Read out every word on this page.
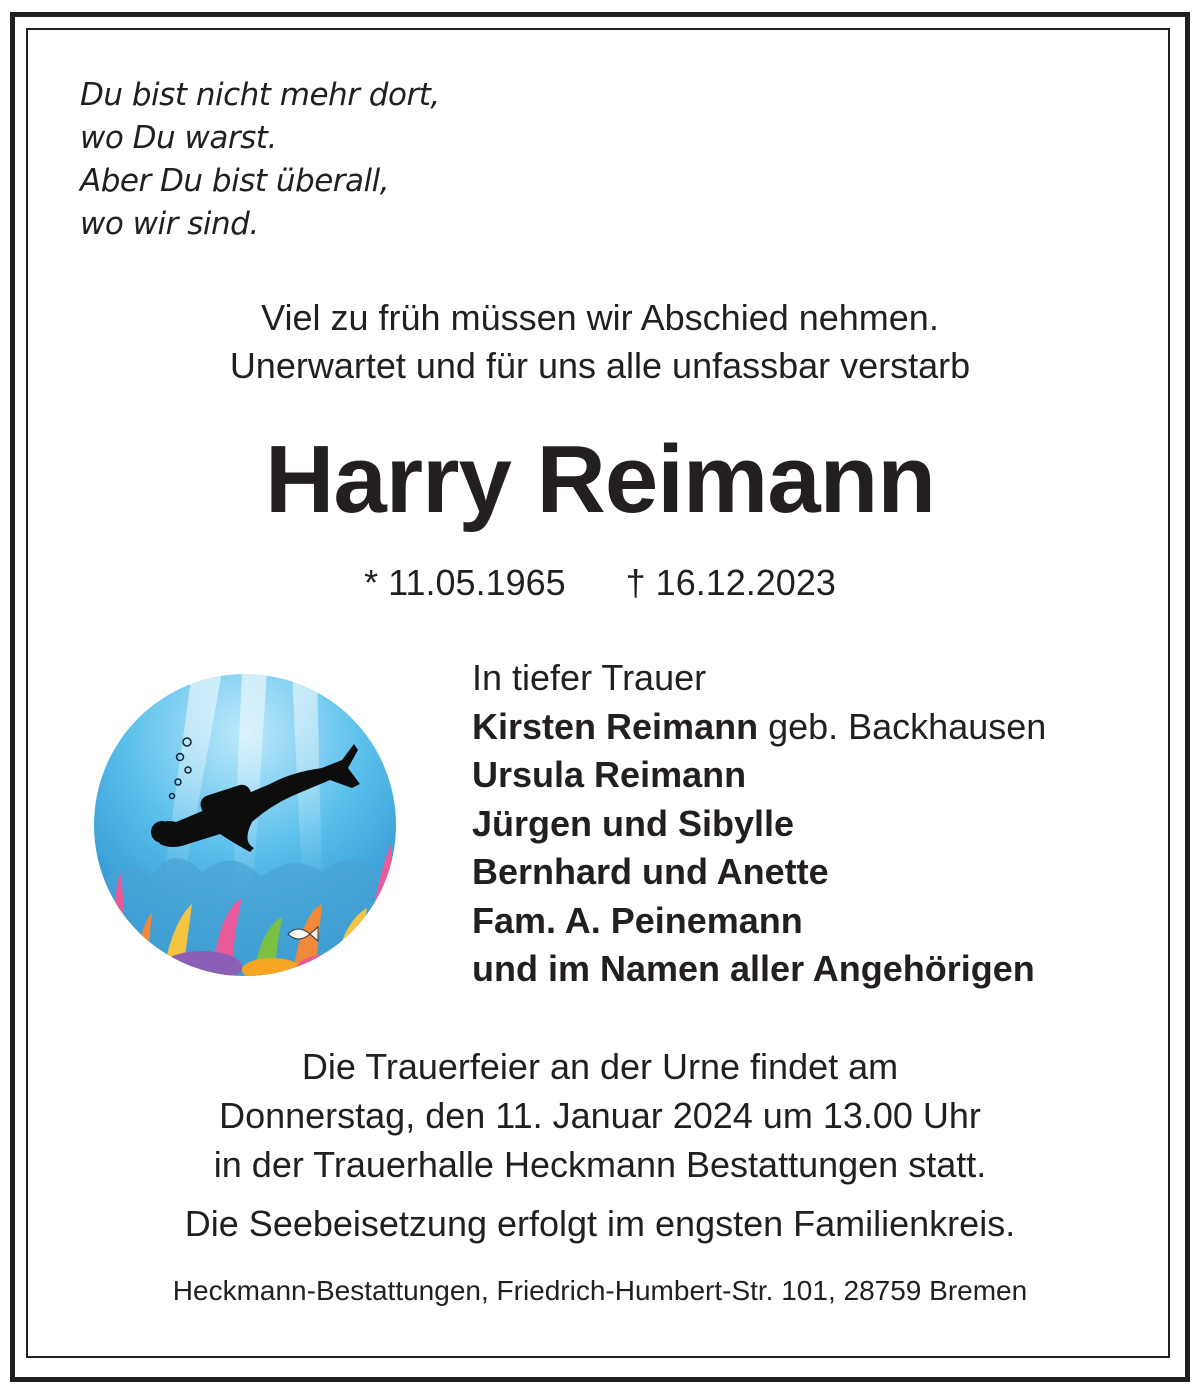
Du bist nicht mehr dort,
wo Du warst.
Aber Du bist überall,
wo wir sind.
Viel zu früh müssen wir Abschied nehmen.
Unerwartet und für uns alle unfassbar verstarb
Harry Reimann
* 11.05.1965 † 16.12.2023
In tiefer Trauer
Kirsten Reimann geb. Backhausen
Ursula Reimann
Jürgen und Sibylle
Bernhard und Anette
Fam. A. Peinemann
und im Namen aller Angehörigen
Die Trauerfeier an der Urne findet am
Donnerstag, den 11. Januar 2024 um 13.00 Uhr
in der Trauerhalle Heckmann Bestattungen statt.
Die Seebeisetzung erfolgt im engsten Familienkreis.
Heckmann-Bestattungen, Friedrich-Humbert-Str. 101, 28759 Bremen
